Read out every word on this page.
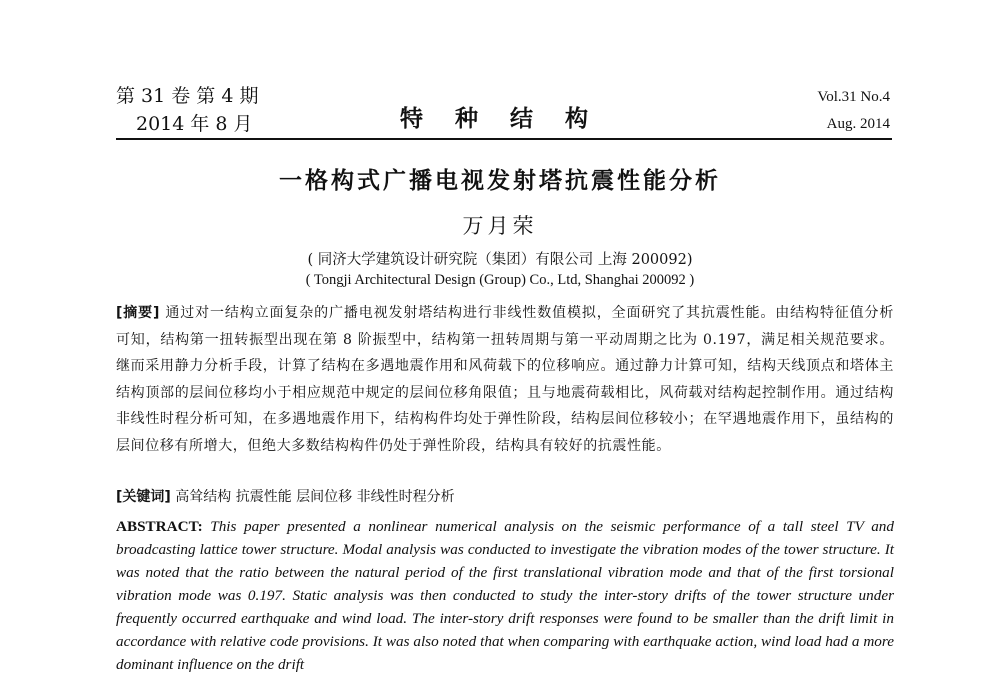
第 31 卷 第 4 期
2014 年 8 月	特 种 结 构
Vol.31 No.4
Aug. 2014
一格构式广播电视发射塔抗震性能分析
万月荣
( 同济大学建筑设计研究院（集团）有限公司 上海 200092)
( Tongji Architectural Design (Group) Co., Ltd, Shanghai 200092 )
[摘要] 通过对一结构立面复杂的广播电视发射塔结构进行非线性数值模拟，全面研究了其抗震性能。由结构特征值分析可知，结构第一扭转振型出现在第 8 阶振型中，结构第一扭转周期与第一平动周期之比为 0.197，满足相关规范要求。继而采用静力分析手段，计算了结构在多遇地震作用和风荷载下的位移响应。通过静力计算可知，结构天线顶点和塔体主结构顶部的层间位移均小于相应规范中规定的层间位移角限值；且与地震荷载相比，风荷载对结构起控制作用。通过结构非线性时程分析可知，在多遇地震作用下，结构构件均处于弹性阶段，结构层间位移较小；在罕遇地震作用下，虽结构的层间位移有所增大，但绝大多数结构构件仍处于弹性阶段，结构具有较好的抗震性能。
[关键词] 高耸结构 抗震性能 层间位移 非线性时程分析
ABSTRACT: This paper presented a nonlinear numerical analysis on the seismic performance of a tall steel TV and broadcasting lattice tower structure. Modal analysis was conducted to investigate the vibration modes of the tower structure. It was noted that the ratio between the natural period of the first translational vibration mode and that of the first torsional vibration mode was 0.197. Static analysis was then conducted to study the inter-story drifts of the tower structure under frequently occurred earthquake and wind load. The inter-story drift responses were found to be smaller than the drift limit in accordance with relative code provisions. It was also noted that when comparing with earthquake action, wind load had a more dominant influence on the drift
